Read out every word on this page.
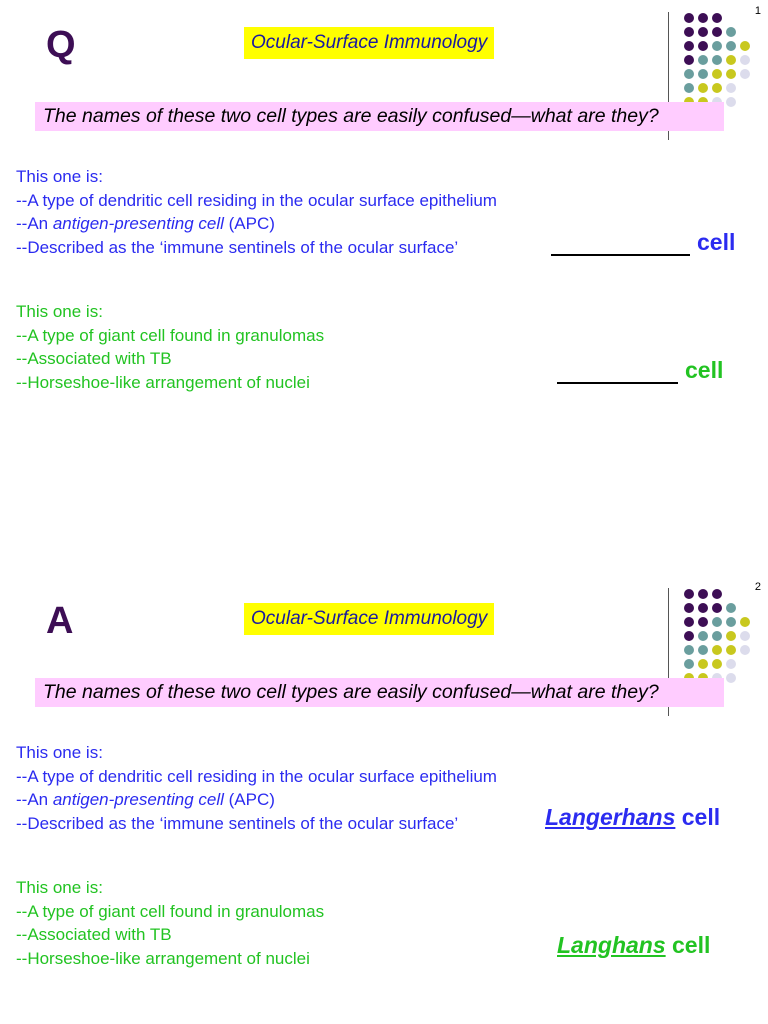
Q
1
Ocular-Surface Immunology
The names of these two cell types are easily confused—what are they?
This one is:
--A type of dendritic cell residing in the ocular surface epithelium
--An antigen-presenting cell (APC)
--Described as the ‘immune sentinels of the ocular surface’	cell
This one is:
--A type of giant cell found in granulomas
--Associated with TB
--Horseshoe-like arrangement of nuclei	cell
A
2
Ocular-Surface Immunology
The names of these two cell types are easily confused—what are they?
This one is:
--A type of dendritic cell residing in the ocular surface epithelium
--An antigen-presenting cell (APC)
--Described as the ‘immune sentinels of the ocular surface’	Langerhans cell
This one is:
--A type of giant cell found in granulomas
--Associated with TB
--Horseshoe-like arrangement of nuclei	Langhans cell
